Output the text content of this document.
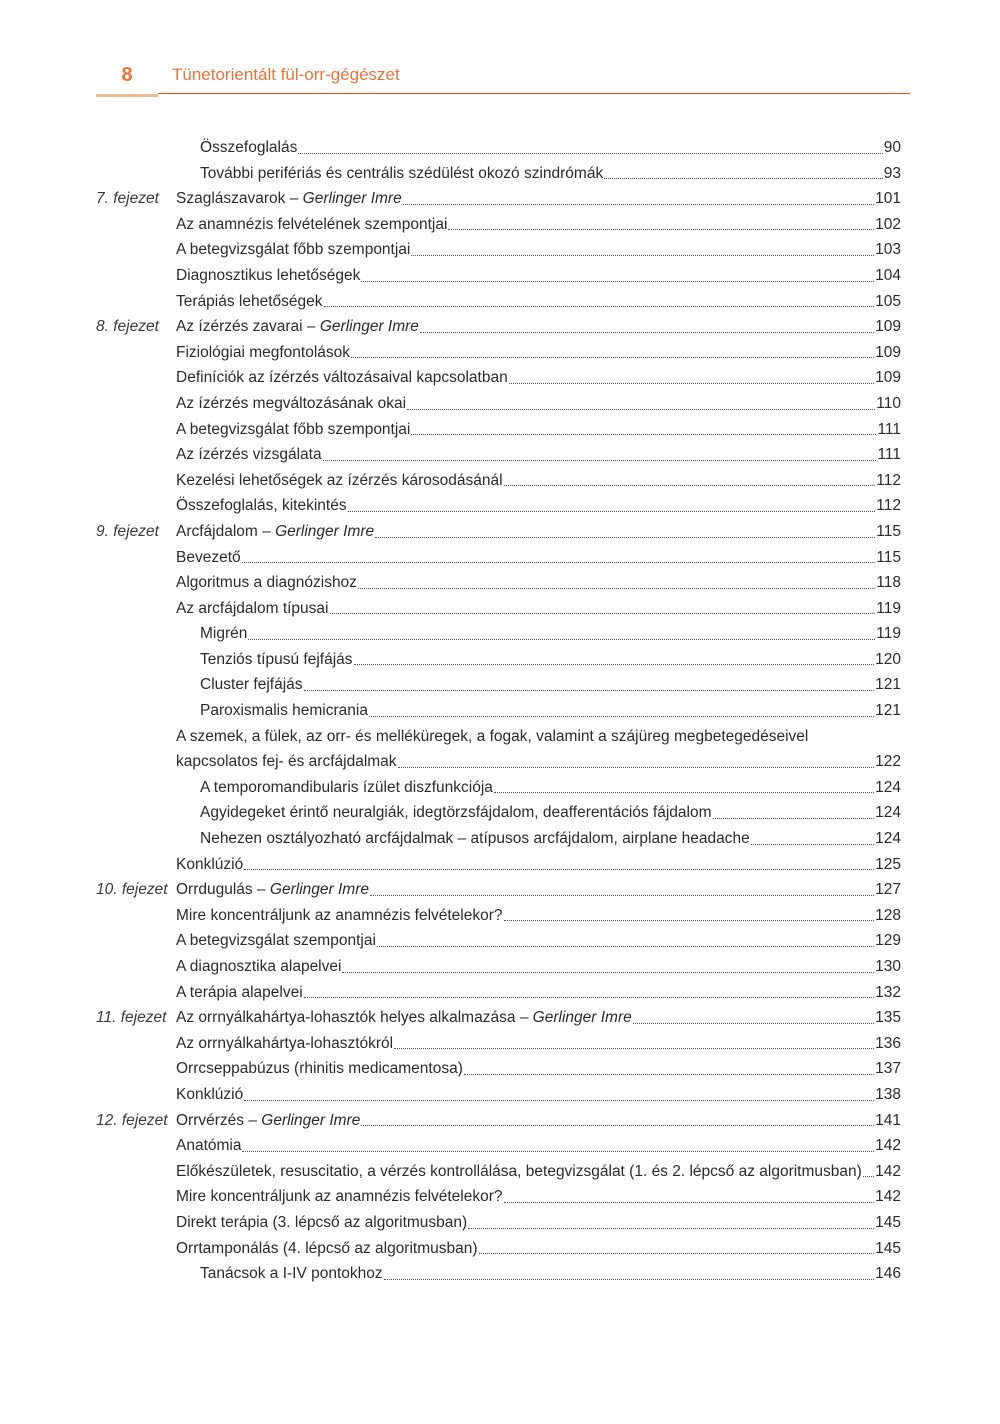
8	Tünetorientált fül-orr-gégészet
Összefoglalás	90
További perifériás és centrális szédülést okozó szindrómák	93
7. fejezet Szaglászavarok – Gerlinger Imre	101
Az anamnézis felvételének szempontjai	102
A betegvizsgálat főbb szempontjai	103
Diagnosztikus lehetőségek	104
Terápiás lehetőségek	105
8. fejezet Az ízérzés zavarai – Gerlinger Imre	109
Fiziológiai megfontolások	109
Definíciók az ízérzés változásaival kapcsolatban	109
Az ízérzés megváltozásának okai	110
A betegvizsgálat főbb szempontjai	111
Az ízérzés vizsgálata	111
Kezelési lehetőségek az ízérzés károsodásánál	112
Összefoglalás, kitekintés	112
9. fejezet Arcfájdalom – Gerlinger Imre	115
Bevezető	115
Algoritmus a diagnózishoz	118
Az arcfájdalom típusai	119
Migrén	119
Tenziós típusú fejfájás	120
Cluster fejfájás	121
Paroxismalis hemicrania	121
A szemek, a fülek, az orr- és melléküregek, a fogak, valamint a szájüreg megbetegedéseivel
kapcsolatos fej- és arcfájdalmak	122
A temporomandibularis ízület diszfunkciója	124
Agyidegeket érintő neuralgiák, idegtörzsfájdalom, deafferentációs fájdalom	124
Nehezen osztályozható arcfájdalmak – atípusos arcfájdalom, airplane headache	124
Konklúzió	125
10. fejezet Orrdugulás – Gerlinger Imre	127
Mire koncentráljunk az anamnézis felvételekor?	128
A betegvizsgálat szempontjai	129
A diagnosztika alapelvei	130
A terápia alapelvei	132
11. fejezet Az orrnyálkahártya-lohasztók helyes alkalmazása – Gerlinger Imre	135
Az orrnyálkahártya-lohasztókról	136
Orrcseppabúzus (rhinitis medicamentosa)	137
Konklúzió	138
12. fejezet Orrvérzés – Gerlinger Imre	141
Anatómia	142
Előkészületek, resuscitatio, a vérzés kontrollálása, betegvizsgálat (1. és 2. lépcső az algoritmusban) 142
Mire koncentráljunk az anamnézis felvételekor?	142
Direkt terápia (3. lépcső az algoritmusban)	145
Orrtamponálás (4. lépcső az algoritmusban)	145
Tanácsok a I-IV pontokhoz	146
